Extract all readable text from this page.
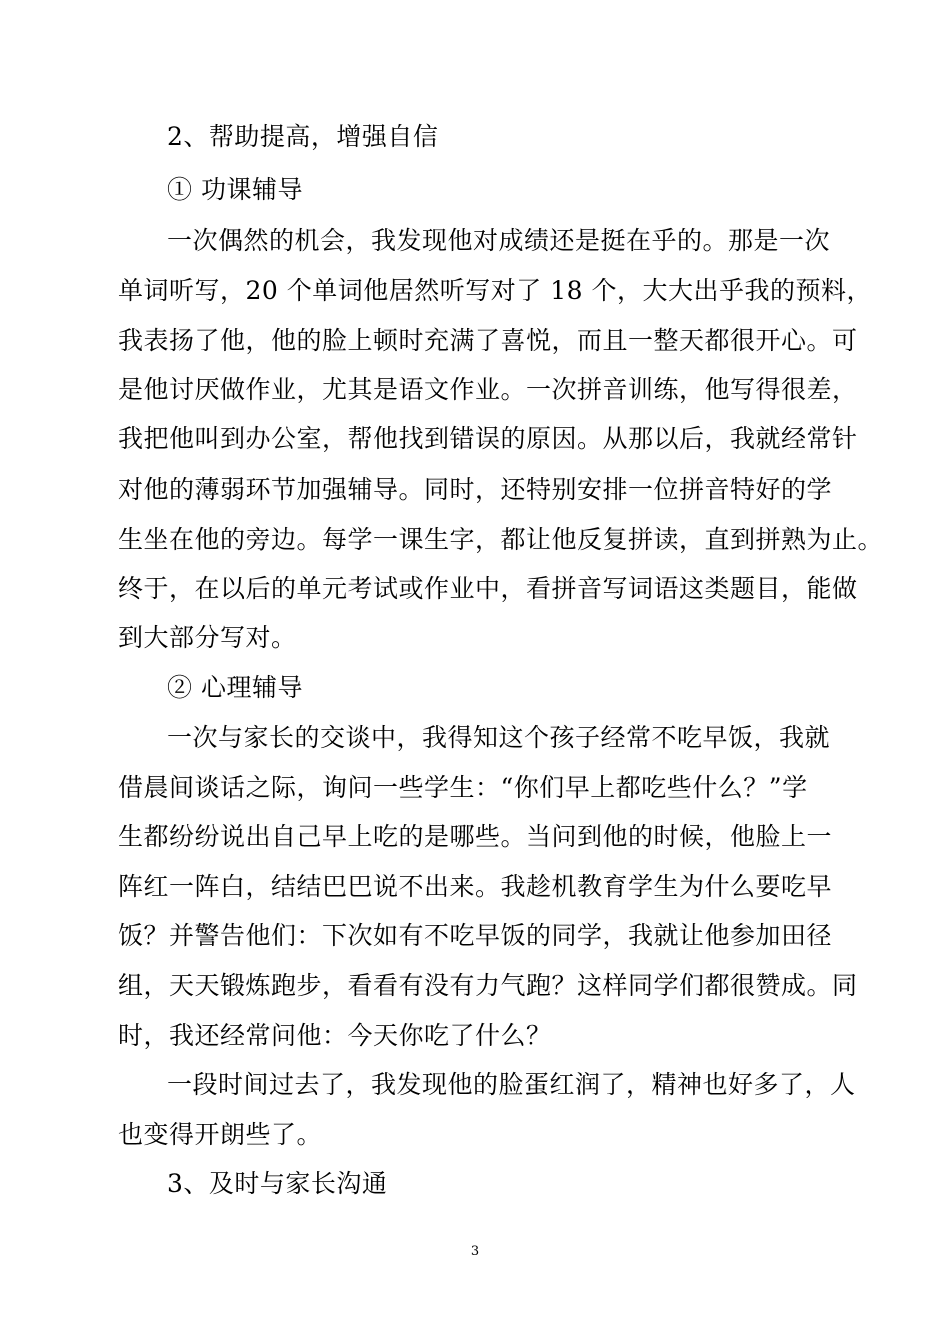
2、帮助提高，增强自信
① 功课辅导
一次偶然的机会，我发现他对成绩还是挺在乎的。那是一次
单词听写，20 个单词他居然听写对了 18 个，大大出乎我的预料，
我表扬了他，他的脸上顿时充满了喜悦，而且一整天都很开心。可
是他讨厌做作业，尤其是语文作业。一次拼音训练，他写得很差，
我把他叫到办公室，帮他找到错误的原因。从那以后，我就经常针
对他的薄弱环节加强辅导。同时，还特别安排一位拼音特好的学
生坐在他的旁边。每学一课生字，都让他反复拼读，直到拼熟为止。
终于，在以后的单元考试或作业中，看拼音写词语这类题目，能做
到大部分写对。
② 心理辅导
一次与家长的交谈中，我得知这个孩子经常不吃早饭，我就
借晨间谈话之际，询问一些学生：“你们早上都吃些什么？”学
生都纷纷说出自己早上吃的是哪些。当问到他的时候，他脸上一
阵红一阵白，结结巴巴说不出来。我趁机教育学生为什么要吃早
饭？并警告他们：下次如有不吃早饭的同学，我就让他参加田径
组，天天锻炼跑步，看看有没有力气跑？这样同学们都很赞成。同
时，我还经常问他：今天你吃了什么？
一段时间过去了，我发现他的脸蛋红润了，精神也好多了，人
也变得开朗些了。
3、及时与家长沟通
3
